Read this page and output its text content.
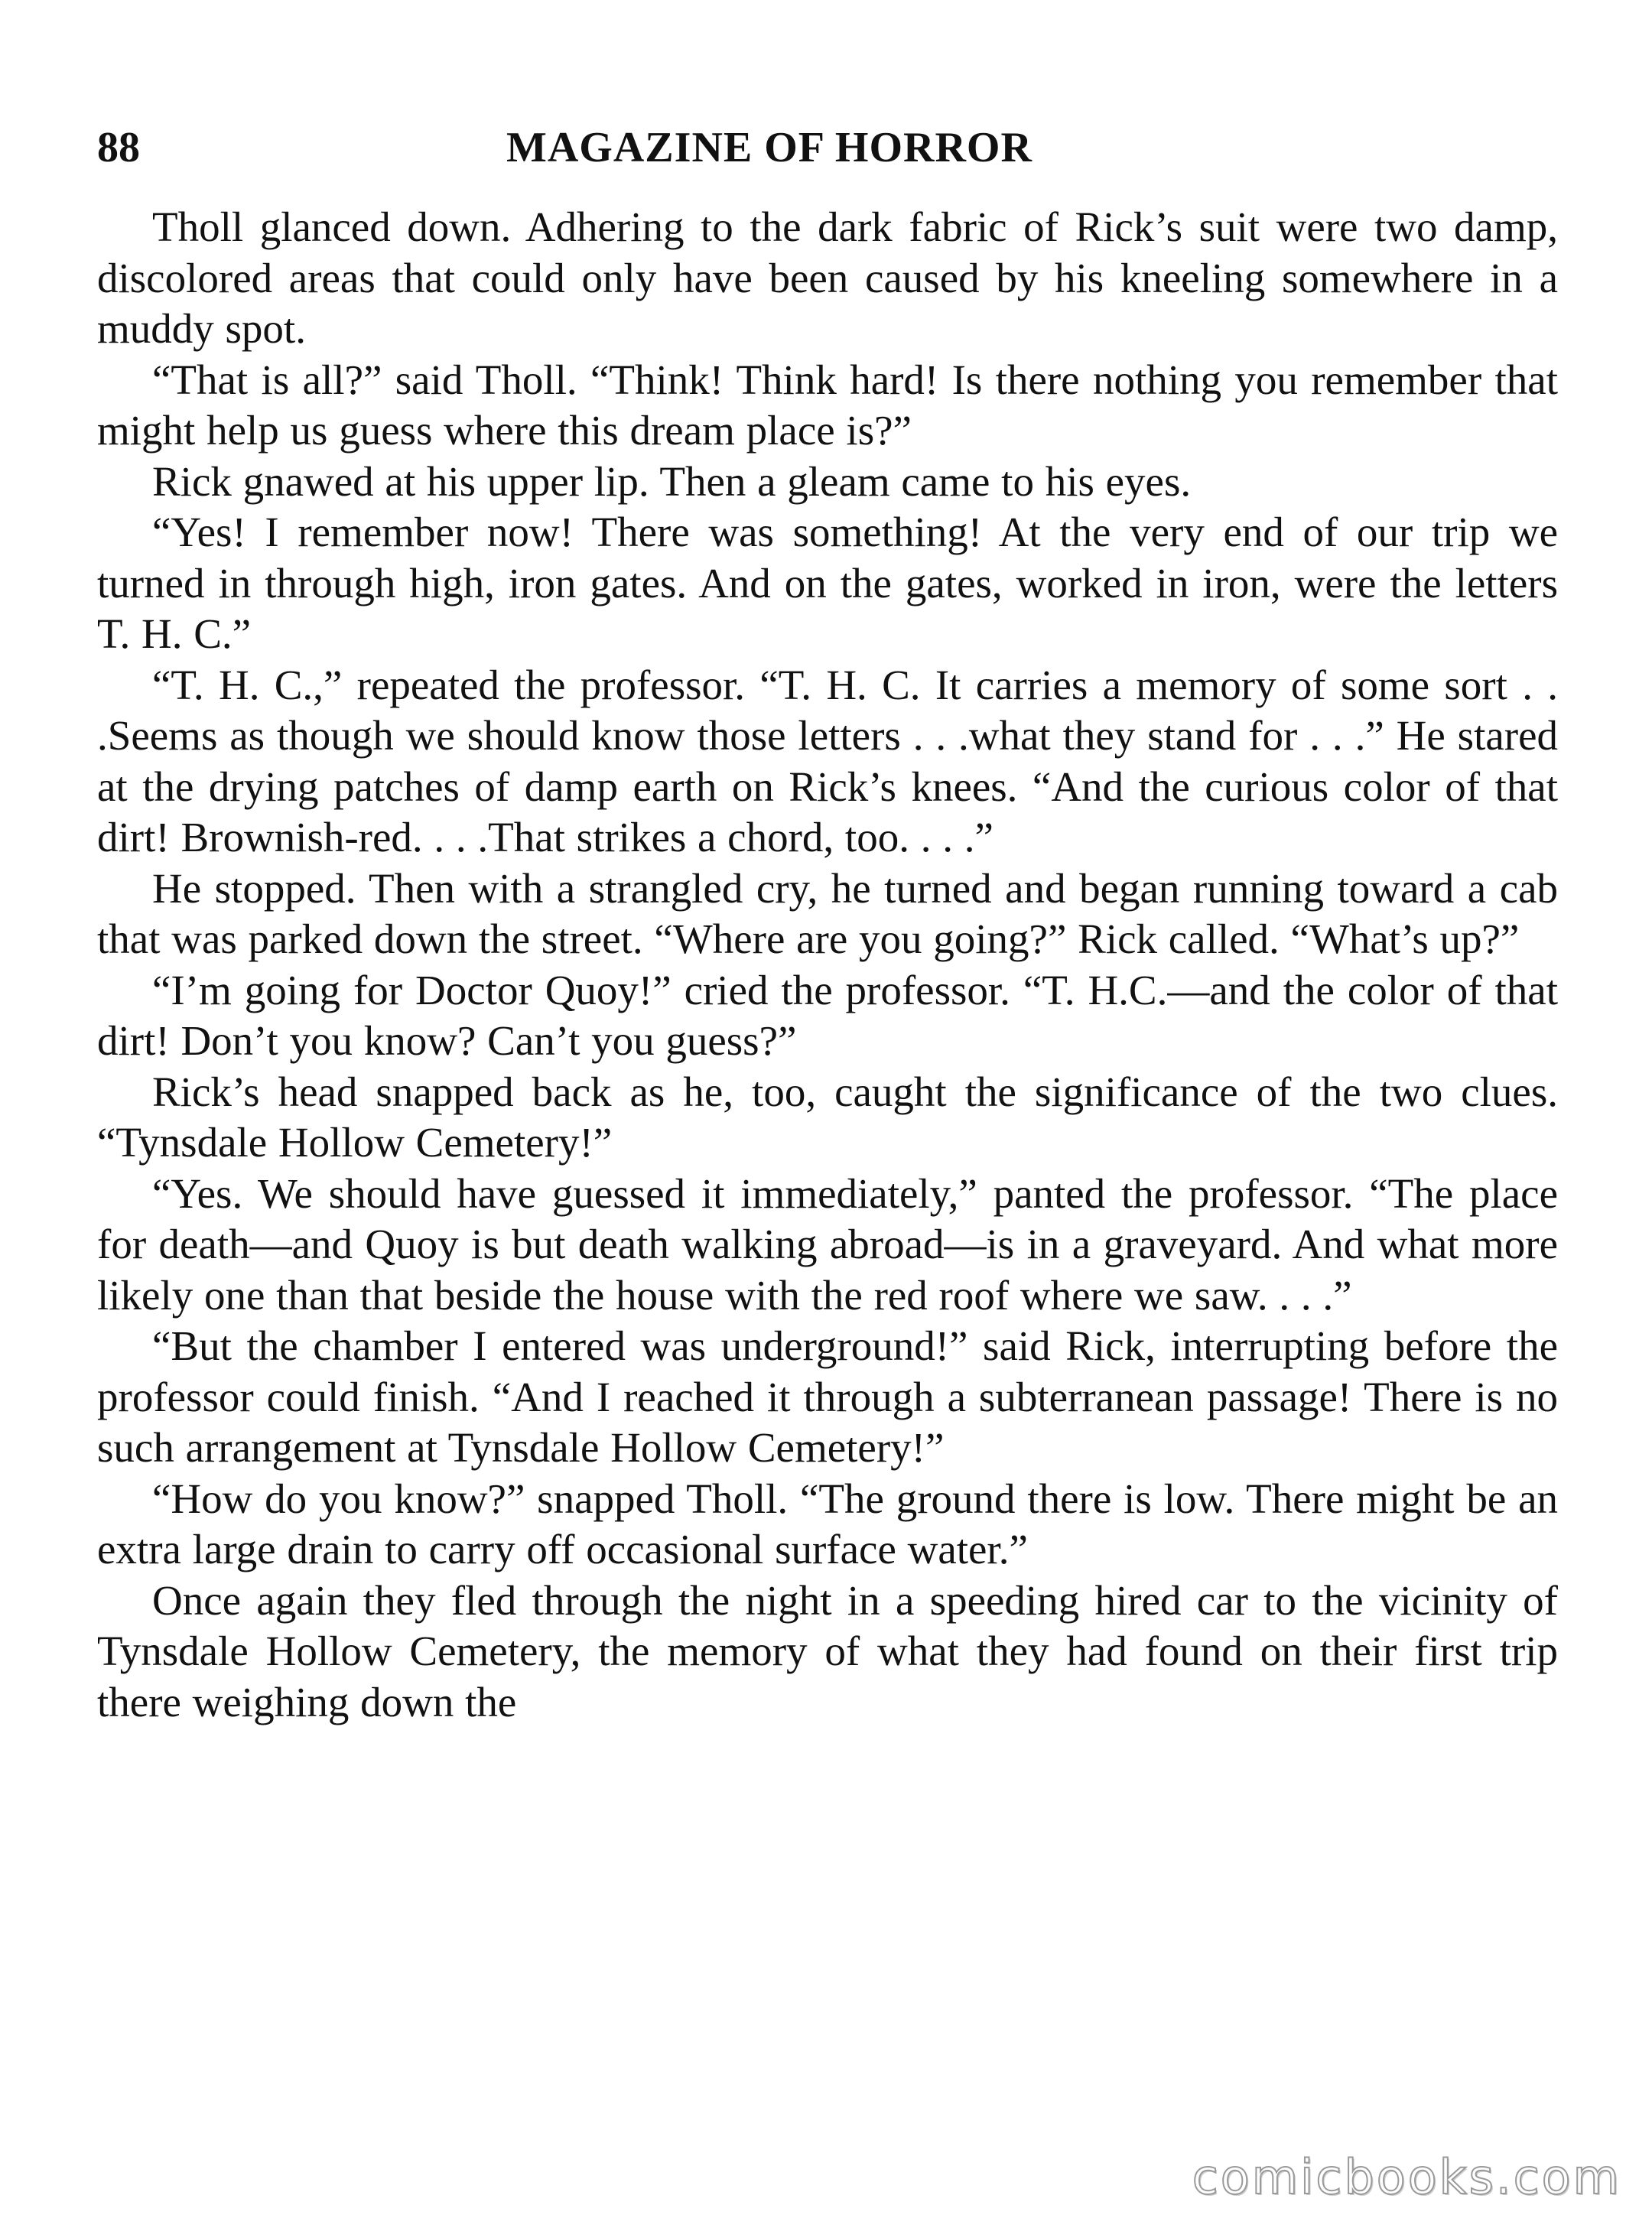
88	MAGAZINE OF HORROR

Tholl glanced down. Adhering to the dark fabric of Rick’s suit were two damp, discolored areas that could only have been caused by his kneeling somewhere in a muddy spot.

“That is all?” said Tholl. “Think! Think hard! Is there nothing you remember that might help us guess where this dream place is?”

Rick gnawed at his upper lip. Then a gleam came to his eyes.

“Yes! I remember now! There was something! At the very end of our trip we turned in through high, iron gates. And on the gates, worked in iron, were the letters T. H. C.”

“T. H. C.,” repeated the professor. “T. H. C. It carries a memory of some sort . . .Seems as though we should know those letters . . .what they stand for . . .” He stared at the drying patches of damp earth on Rick’s knees. “And the curious color of that dirt! Brownish-red. . . .That strikes a chord, too. . . .”

He stopped. Then with a strangled cry, he turned and began running toward a cab that was parked down the street. “Where are you going?” Rick called. “What’s up?”

“I’m going for Doctor Quoy!” cried the professor. “T. H.C.—and the color of that dirt! Don’t you know? Can’t you guess?”

Rick’s head snapped back as he, too, caught the significance of the two clues. “Tynsdale Hollow Cemetery!”

“Yes. We should have guessed it immediately,” panted the professor. “The place for death—and Quoy is but death walking abroad—is in a graveyard. And what more likely one than that beside the house with the red roof where we saw. . . .”

“But the chamber I entered was underground!” said Rick, interrupting before the professor could finish. “And I reached it through a subterranean passage! There is no such arrangement at Tynsdale Hollow Cemetery!”

“How do you know?” snapped Tholl. “The ground there is low. There might be an extra large drain to carry off occasional surface water.”

Once again they fled through the night in a speeding hired car to the vicinity of Tynsdale Hollow Cemetery, the memory of what they had found on their first trip there weighing down the

comicbooks.com
